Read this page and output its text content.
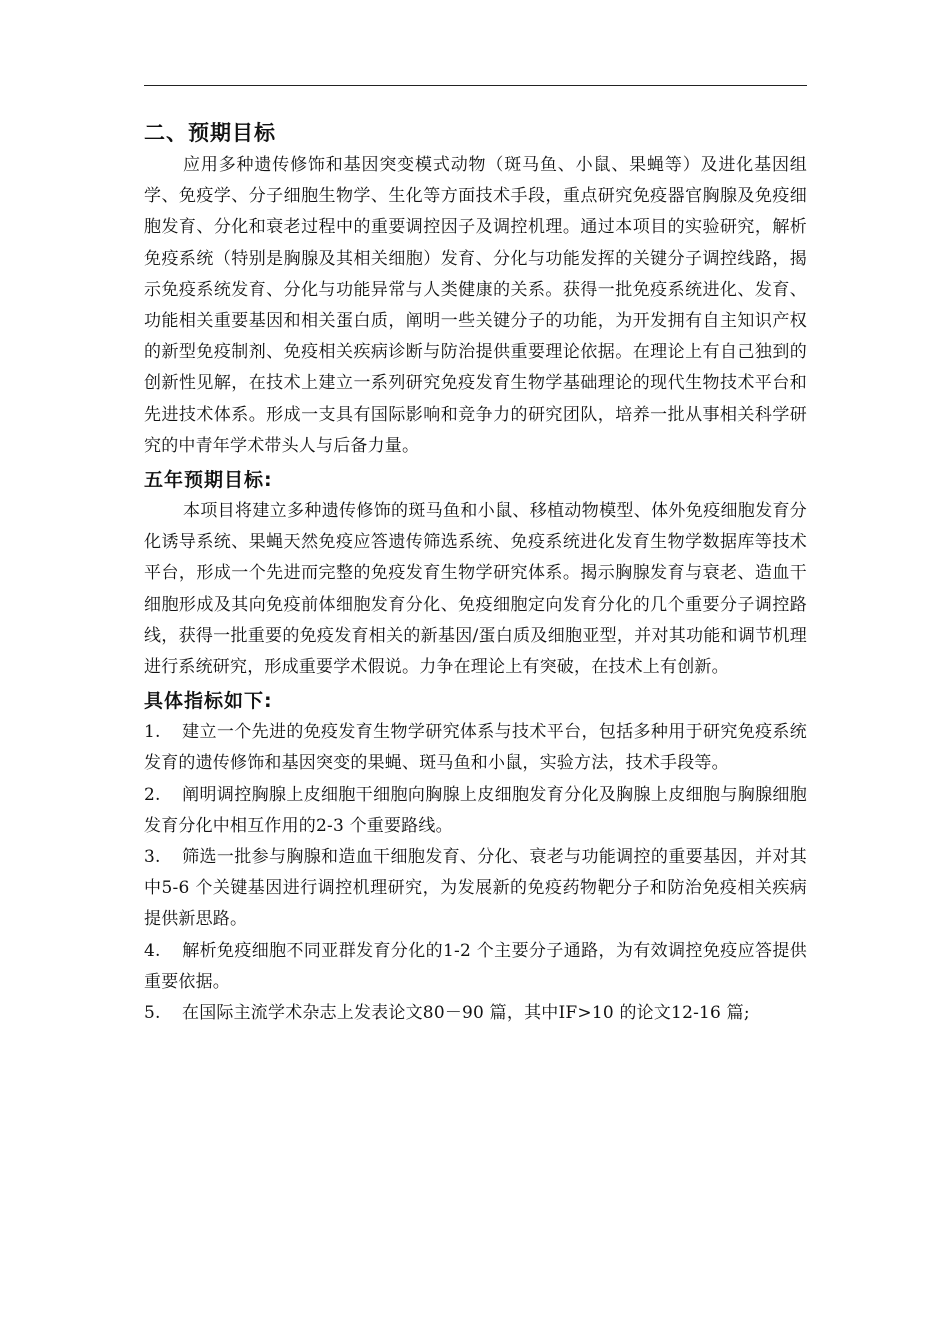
二、预期目标

应用多种遗传修饰和基因突变模式动物（斑马鱼、小鼠、果蝇等）及进化基因组学、免疫学、分子细胞生物学、生化等方面技术手段，重点研究免疫器官胸腺及免疫细胞发育、分化和衰老过程中的重要调控因子及调控机理。通过本项目的实验研究，解析免疫系统（特别是胸腺及其相关细胞）发育、分化与功能发挥的关键分子调控线路，揭示免疫系统发育、分化与功能异常与人类健康的关系。获得一批免疫系统进化、发育、功能相关重要基因和相关蛋白质，阐明一些关键分子的功能，为开发拥有自主知识产权的新型免疫制剂、免疫相关疾病诊断与防治提供重要理论依据。在理论上有自己独到的创新性见解，在技术上建立一系列研究免疫发育生物学基础理论的现代生物技术平台和先进技术体系。形成一支具有国际影响和竞争力的研究团队，培养一批从事相关科学研究的中青年学术带头人与后备力量。

五年预期目标:

本项目将建立多种遗传修饰的斑马鱼和小鼠、移植动物模型、体外免疫细胞发育分化诱导系统、果蝇天然免疫应答遗传筛选系统、免疫系统进化发育生物学数据库等技术平台，形成一个先进而完整的免疫发育生物学研究体系。揭示胸腺发育与衰老、造血干细胞形成及其向免疫前体细胞发育分化、免疫细胞定向发育分化的几个重要分子调控路线，获得一批重要的免疫发育相关的新基因/蛋白质及细胞亚型，并对其功能和调节机理进行系统研究，形成重要学术假说。力争在理论上有突破，在技术上有创新。

具体指标如下:
1. 建立一个先进的免疫发育生物学研究体系与技术平台，包括多种用于研究免疫系统发育的遗传修饰和基因突变的果蝇、斑马鱼和小鼠，实验方法，技术手段等。
2. 阐明调控胸腺上皮细胞干细胞向胸腺上皮细胞发育分化及胸腺上皮细胞与胸腺细胞发育分化中相互作用的2-3 个重要路线。
3. 筛选一批参与胸腺和造血干细胞发育、分化、衰老与功能调控的重要基因，并对其中5-6 个关键基因进行调控机理研究，为发展新的免疫药物靶分子和防治免疫相关疾病提供新思路。
4. 解析免疫细胞不同亚群发育分化的1-2 个主要分子通路，为有效调控免疫应答提供重要依据。
5. 在国际主流学术杂志上发表论文80－90 篇，其中IF>10 的论文12-16 篇;
